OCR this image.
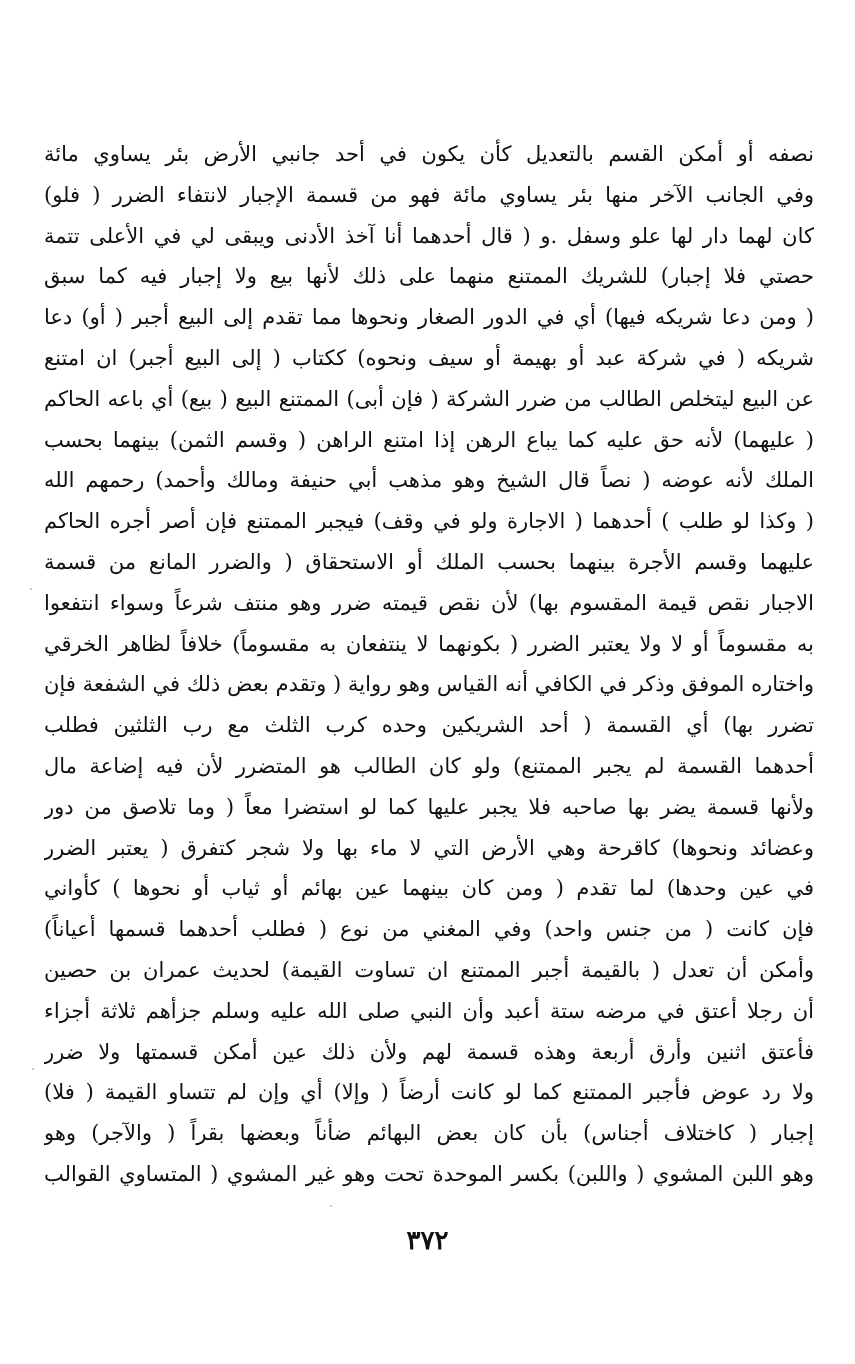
نصفه أو أمكن القسم بالتعديل كأن يكون في أحد جانبي الأرض بئر يساوي مائة
وفي الجانب الآخر منها بئر يساوي مائة فهو من قسمة الإجبار لانتفاء الضرر ( فلو)
كان لهما دار لها علو وسفل .و ( قال أحدهما أنا آخذ الأدنى ويبقى لي في الأعلى تتمة
حصتي فلا إجبار) للشريك الممتنع منهما على ذلك لأنها بيع ولا إجبار فيه كما سبق
( ومن دعا شريكه فيها) أي في الدور الصغار ونحوها مما تقدم إلى البيع أجبر ( أو) دعا
شريكه ( في شركة عبد أو بهيمة أو سيف ونحوه) ككتاب ( إلى البيع أجبر) ان امتنع
عن البيع ليتخلص الطالب من ضرر الشركة ( فإن أبى) الممتنع البيع ( بيع) أي باعه الحاكم
( عليهما) لأنه حق عليه كما يباع الرهن إذا امتنع الراهن ( وقسم الثمن) بينهما بحسب
الملك لأنه عوضه ( نصاً قال الشيخ وهو مذهب أبي حنيفة ومالك وأحمد) رحمهم الله
( وكذا لو طلب ) أحدهما ( الاجارة ولو في وقف) فيجبر الممتنع فإن أصر أجره الحاكم
عليهما وقسم الأجرة بينهما بحسب الملك أو الاستحقاق ( والضرر المانع من قسمة
الاجبار نقص قيمة المقسوم بها) لأن نقص قيمته ضرر وهو منتف شرعاً وسواء انتفعوا
به مقسوماً أو لا ولا يعتبر الضرر ( بكونهما لا ينتفعان به مقسوماً) خلافاً لظاهر الخرقي
واختاره الموفق وذكر في الكافي أنه القياس وهو رواية ( وتقدم بعض ذلك في الشفعة فإن
تضرر بها) أي القسمة ( أحد الشريكين وحده كرب الثلث مع رب الثلثين فطلب
أحدهما القسمة لم يجبر الممتنع) ولو كان الطالب هو المتضرر لأن فيه إضاعة مال
ولأنها قسمة يضر بها صاحبه فلا يجبر عليها كما لو استضرا معاً ( وما تلاصق من دور
وعضائد ونحوها) كاقرحة وهي الأرض التي لا ماء بها ولا شجر كتفرق ( يعتبر الضرر
في عين وحدها) لما تقدم ( ومن كان بينهما عين بهائم أو ثياب أو نحوها ) كأواني
فإن كانت ( من جنس واحد) وفي المغني من نوع ( فطلب أحدهما قسمها أعياناً)
وأمكن أن تعدل ( بالقيمة أجبر الممتنع ان تساوت القيمة) لحديث عمران بن حصين
أن رجلا أعتق في مرضه ستة أعبد وأن النبي صلى الله عليه وسلم جزأهم ثلاثة أجزاء
فأعتق اثنين وأرق أربعة وهذه قسمة لهم ولأن ذلك عين أمكن قسمتها ولا ضرر
ولا رد عوض فأجبر الممتنع كما لو كانت أرضاً ( وإلا) أي وإن لم تتساو القيمة ( فلا)
إجبار ( كاختلاف أجناس) بأن كان بعض البهائم ضأناً وبعضها بقراً ( والآجر) وهو
وهو اللبن المشوي ( واللبن) بكسر الموحدة تحت وهو غير المشوي ( المتساوي القوالب
٣٧٢
